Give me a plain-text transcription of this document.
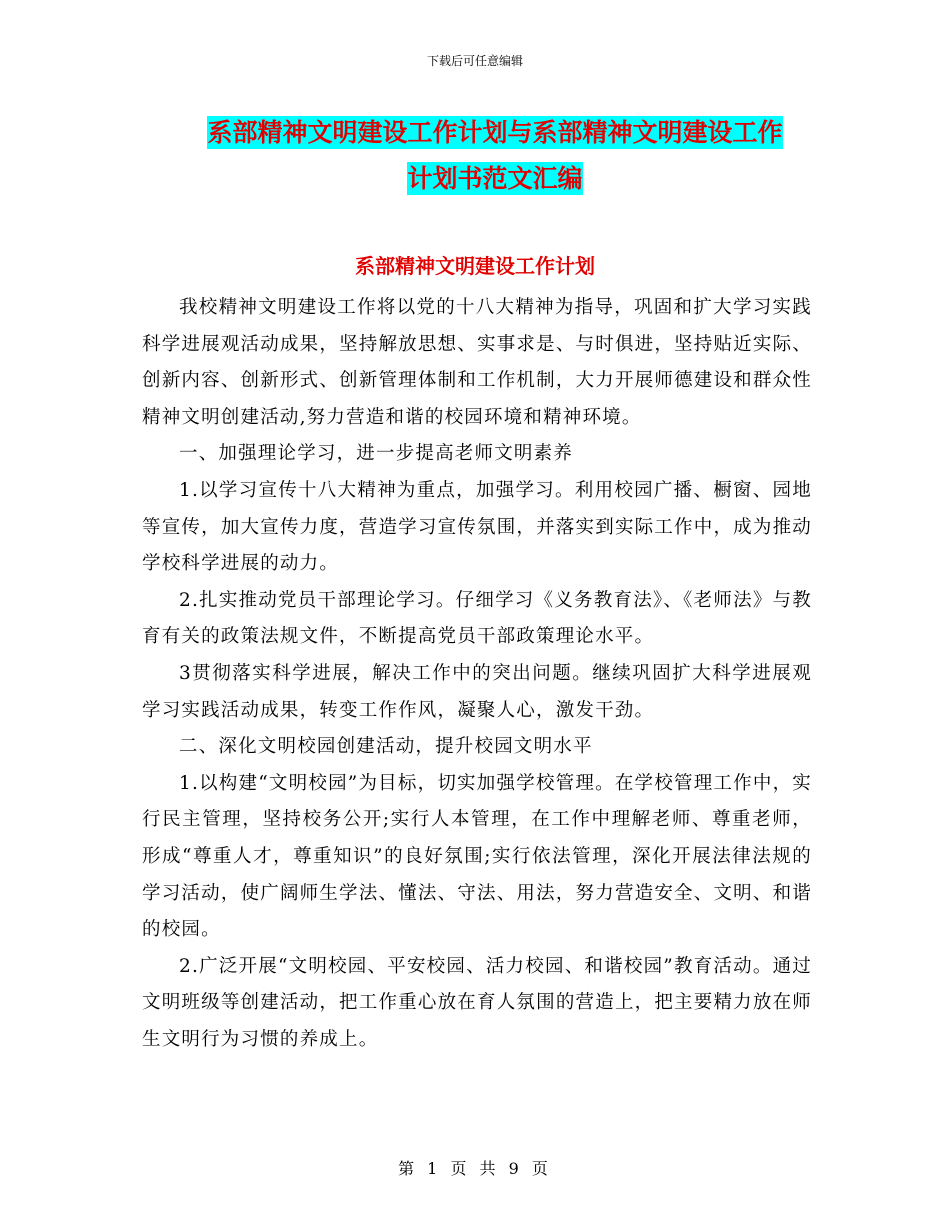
下载后可任意编辑
系部精神文明建设工作计划与系部精神文明建设工作
计划书范文汇编
系部精神文明建设工作计划

我校精神文明建设工作将以党的十八大精神为指导，巩固和扩大学习实践科学进展观活动成果，坚持解放思想、实事求是、与时俱进，坚持贴近实际、创新内容、创新形式、创新管理体制和工作机制，大力开展师德建设和群众性精神文明创建活动,努力营造和谐的校园环境和精神环境。

一、加强理论学习，进一步提高老师文明素养

1.以学习宣传十八大精神为重点，加强学习。利用校园广播、橱窗、园地等宣传，加大宣传力度，营造学习宣传氛围，并落实到实际工作中，成为推动学校科学进展的动力。

2.扎实推动党员干部理论学习。仔细学习《义务教育法》、《老师法》与教育有关的政策法规文件，不断提高党员干部政策理论水平。

3贯彻落实科学进展，解决工作中的突出问题。继续巩固扩大科学进展观学习实践活动成果，转变工作作风，凝聚人心，激发干劲。

二、深化文明校园创建活动，提升校园文明水平

1.以构建“文明校园”为目标，切实加强学校管理。在学校管理工作中，实行民主管理，坚持校务公开;实行人本管理，在工作中理解老师、尊重老师，形成“尊重人才，尊重知识”的良好氛围;实行依法管理，深化开展法律法规的学习活动，使广阔师生学法、懂法、守法、用法，努力营造安全、文明、和谐的校园。

2.广泛开展“文明校园、平安校园、活力校园、和谐校园”教育活动。通过文明班级等创建活动，把工作重心放在育人氛围的营造上，把主要精力放在师生文明行为习惯的养成上。

第 1 页 共 9 页
